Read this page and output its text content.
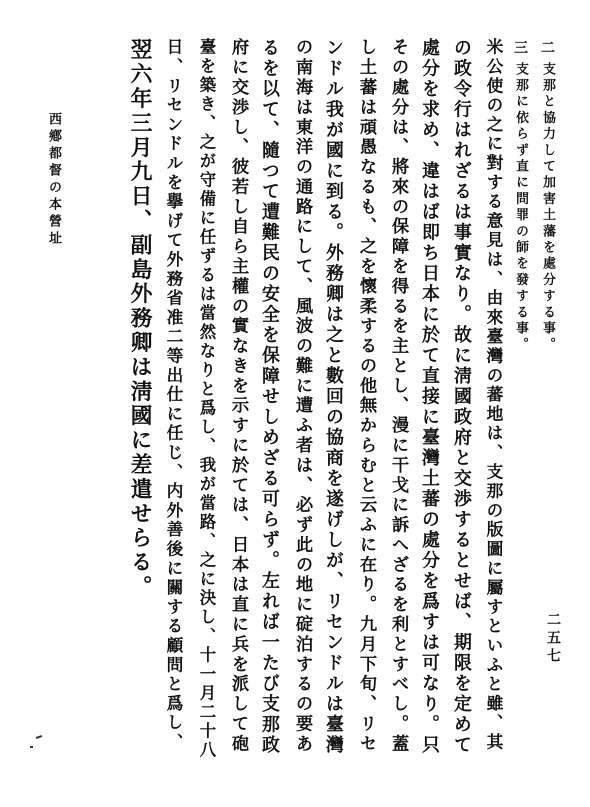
二支那と協力して加害土藩を處分する事。
三支那に依らず直に問罪の師を發する事。

米公使の之に對する意見は、由來臺灣の蕃地は、支那の版圖に屬すといふと雖、其

の政令行はれざるは事實なり。故に淸國政府と交渉するとせば、期限を定めて

處分を求め、違はば即ち日本に於て直接に臺灣土蕃の處分を爲すは可なり。只

その處分は、將來の保障を得るを主とし、漫に干戈に訴へざるを利とすべし。蓋

し土蕃は頑愚なるも、之を懷柔するの他無からむと云ふに在り。九月下旬、リセ

ンドル我が國に到る。外務卿は之と數回の協商を遂げしが、リセンドルは臺灣

の南海は東洋の通路にして、風波の難に遭ふ者は、必ず此の地に碇泊するの要あ

るを以て、隨つて遭難民の安全を保障せしめざる可らず。左れば一たび支那政

府に交渉し、彼若し自ら主權の實なきを示すに於ては、日本は直に兵を派して砲

臺を築き、之が守備に任ずるは當然なりと爲し、我が當路、之に決し、十一月二十八

日、リセンドルを擧げて外務省准二等出仕に任じ、内外善後に關する顧問と爲し、

翌六年三月九日、副島外務卿は淸國に差遣せらる。

西鄕都督の本營址
二五七
